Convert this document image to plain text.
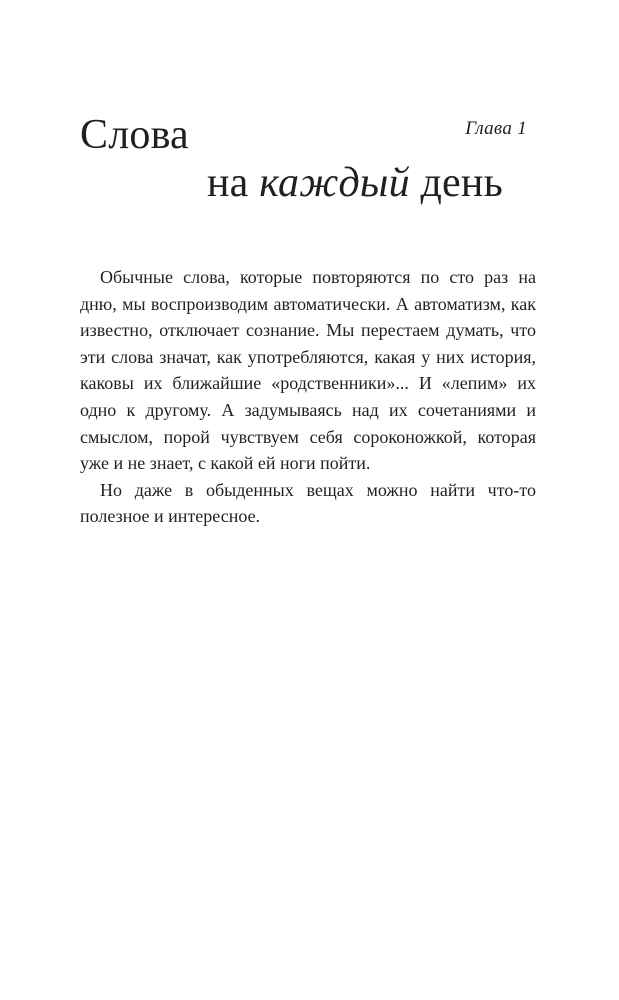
Глава 1
Слова
на каждый день

Обычные слова, которые повторяются по сто раз на дню, мы воспроизводим автоматически. А автоматизм, как известно, отключает сознание. Мы перестаем думать, что эти слова значат, как употребляются, какая у них история, каковы их ближайшие «родственники»... И «лепим» их одно к другому. А задумываясь над их сочетаниями и смыслом, порой чувствуем себя сороконожкой, которая уже и не знает, с какой ей ноги пойти.

Но даже в обыденных вещах можно найти что-то полезное и интересное.
